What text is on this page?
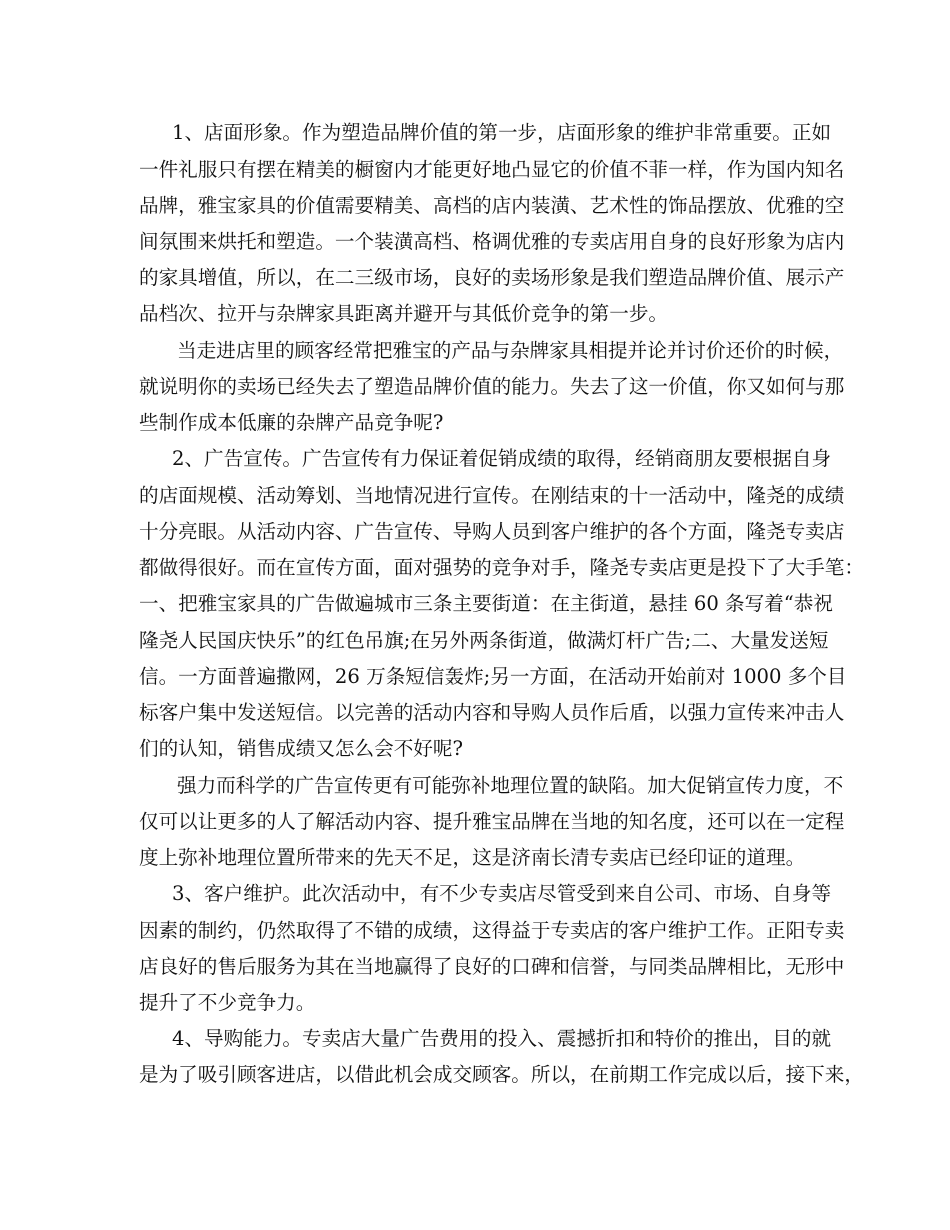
1、店面形象。作为塑造品牌价值的第一步，店面形象的维护非常重要。正如

一件礼服只有摆在精美的橱窗内才能更好地凸显它的价值不菲一样，作为国内知名

品牌，雅宝家具的价值需要精美、高档的店内装潢、艺术性的饰品摆放、优雅的空

间氛围来烘托和塑造。一个装潢高档、格调优雅的专卖店用自身的良好形象为店内

的家具增值，所以，在二三级市场，良好的卖场形象是我们塑造品牌价值、展示产

品档次、拉开与杂牌家具距离并避开与其低价竞争的第一步。

当走进店里的顾客经常把雅宝的产品与杂牌家具相提并论并讨价还价的时候，

就说明你的卖场已经失去了塑造品牌价值的能力。失去了这一价值，你又如何与那

些制作成本低廉的杂牌产品竞争呢?

2、广告宣传。广告宣传有力保证着促销成绩的取得，经销商朋友要根据自身

的店面规模、活动筹划、当地情况进行宣传。在刚结束的十一活动中，隆尧的成绩

十分亮眼。从活动内容、广告宣传、导购人员到客户维护的各个方面，隆尧专卖店

都做得很好。而在宣传方面，面对强势的竞争对手，隆尧专卖店更是投下了大手笔：

一、把雅宝家具的广告做遍城市三条主要街道：在主街道，悬挂 60 条写着“恭祝

隆尧人民国庆快乐”的红色吊旗;在另外两条街道，做满灯杆广告;二、大量发送短

信。一方面普遍撒网，26 万条短信轰炸;另一方面，在活动开始前对 1000 多个目

标客户集中发送短信。以完善的活动内容和导购人员作后盾，以强力宣传来冲击人

们的认知，销售成绩又怎么会不好呢?

强力而科学的广告宣传更有可能弥补地理位置的缺陷。加大促销宣传力度，不

仅可以让更多的人了解活动内容、提升雅宝品牌在当地的知名度，还可以在一定程

度上弥补地理位置所带来的先天不足，这是济南长清专卖店已经印证的道理。

3、客户维护。此次活动中，有不少专卖店尽管受到来自公司、市场、自身等

因素的制约，仍然取得了不错的成绩，这得益于专卖店的客户维护工作。正阳专卖

店良好的售后服务为其在当地赢得了良好的口碑和信誉，与同类品牌相比，无形中

提升了不少竞争力。

4、导购能力。专卖店大量广告费用的投入、震撼折扣和特价的推出，目的就

是为了吸引顾客进店，以借此机会成交顾客。所以，在前期工作完成以后，接下来，
